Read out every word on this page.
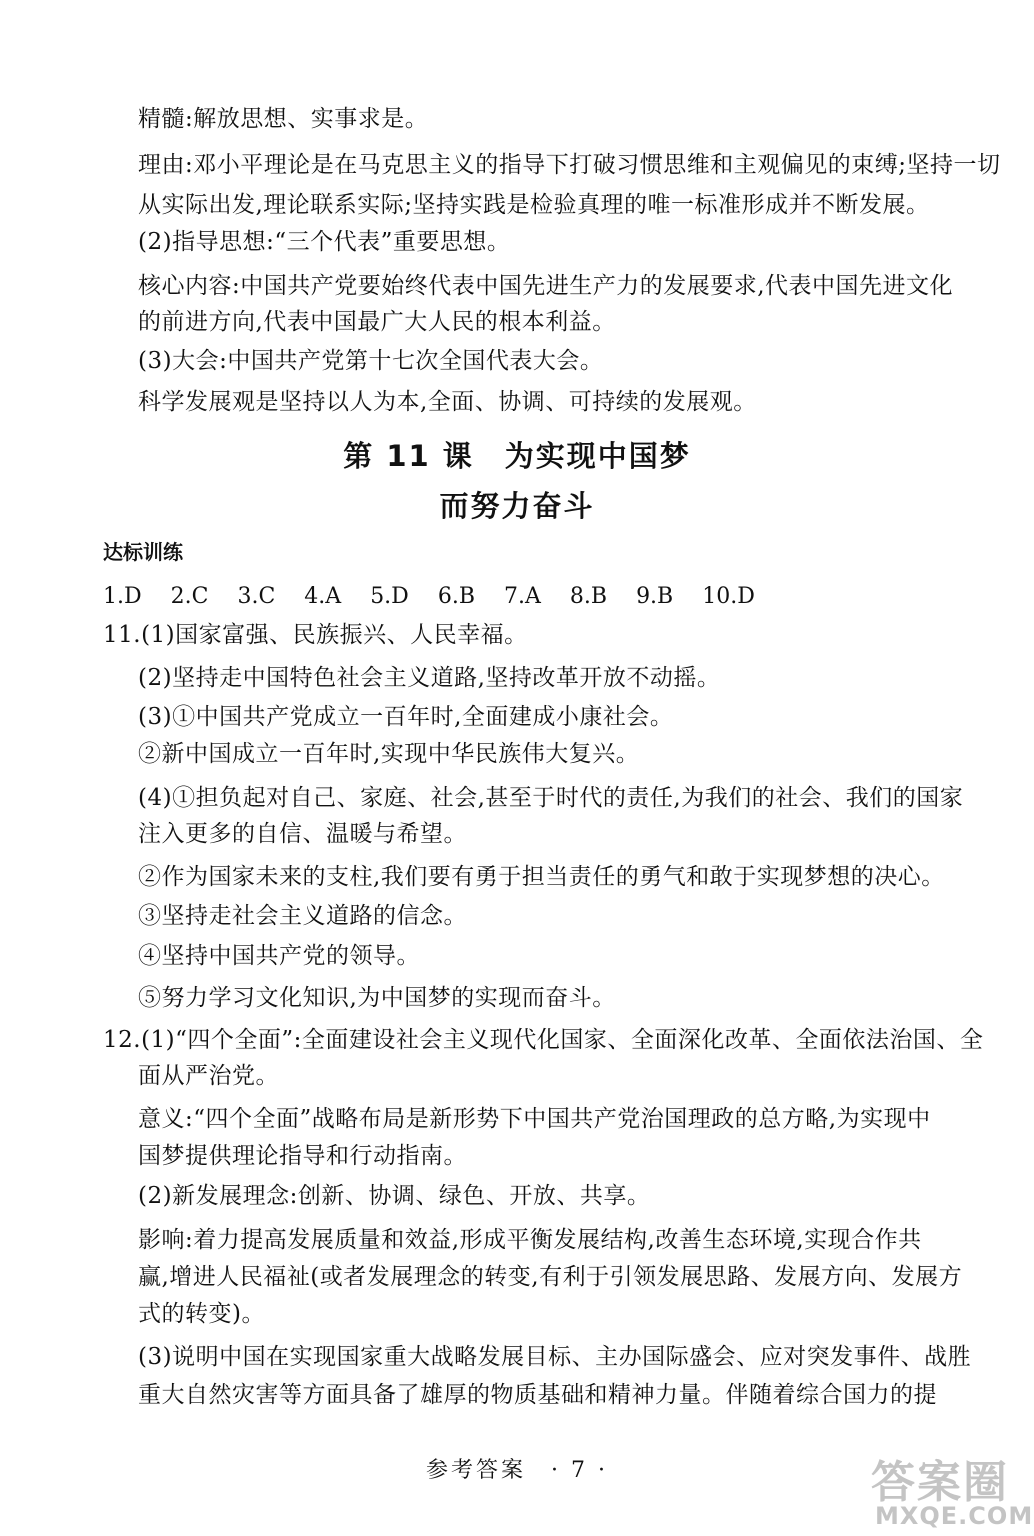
精髓:解放思想、实事求是。
理由:邓小平理论是在马克思主义的指导下打破习惯思维和主观偏见的束缚;坚持一切
从实际出发,理论联系实际;坚持实践是检验真理的唯一标准形成并不断发展。
(2)指导思想:“三个代表”重要思想。
核心内容:中国共产党要始终代表中国先进生产力的发展要求,代表中国先进文化
的前进方向,代表中国最广大人民的根本利益。
(3)大会:中国共产党第十七次全国代表大会。
科学发展观是坚持以人为本,全面、协调、可持续的发展观。
第 11 课　为实现中国梦
而努力奋斗
达标训练
1.D 2.C 3.C 4.A 5.D 6.B 7.A 8.B 9.B 10.D
11.(1)国家富强、民族振兴、人民幸福。
(2)坚持走中国特色社会主义道路,坚持改革开放不动摇。
(3)①中国共产党成立一百年时,全面建成小康社会。
②新中国成立一百年时,实现中华民族伟大复兴。
(4)①担负起对自己、家庭、社会,甚至于时代的责任,为我们的社会、我们的国家
注入更多的自信、温暖与希望。
②作为国家未来的支柱,我们要有勇于担当责任的勇气和敢于实现梦想的决心。
③坚持走社会主义道路的信念。
④坚持中国共产党的领导。
⑤努力学习文化知识,为中国梦的实现而奋斗。
12.(1)“四个全面”:全面建设社会主义现代化国家、全面深化改革、全面依法治国、全
面从严治党。
意义:“四个全面”战略布局是新形势下中国共产党治国理政的总方略,为实现中
国梦提供理论指导和行动指南。
(2)新发展理念:创新、协调、绿色、开放、共享。
影响:着力提高发展质量和效益,形成平衡发展结构,改善生态环境,实现合作共
赢,增进人民福祉(或者发展理念的转变,有利于引领发展思路、发展方向、发展方
式的转变)。
(3)说明中国在实现国家重大战略发展目标、主办国际盛会、应对突发事件、战胜
重大自然灾害等方面具备了雄厚的物质基础和精神力量。伴随着综合国力的提
参考答案　· 7 ·	答案圈
MXQE.COM
